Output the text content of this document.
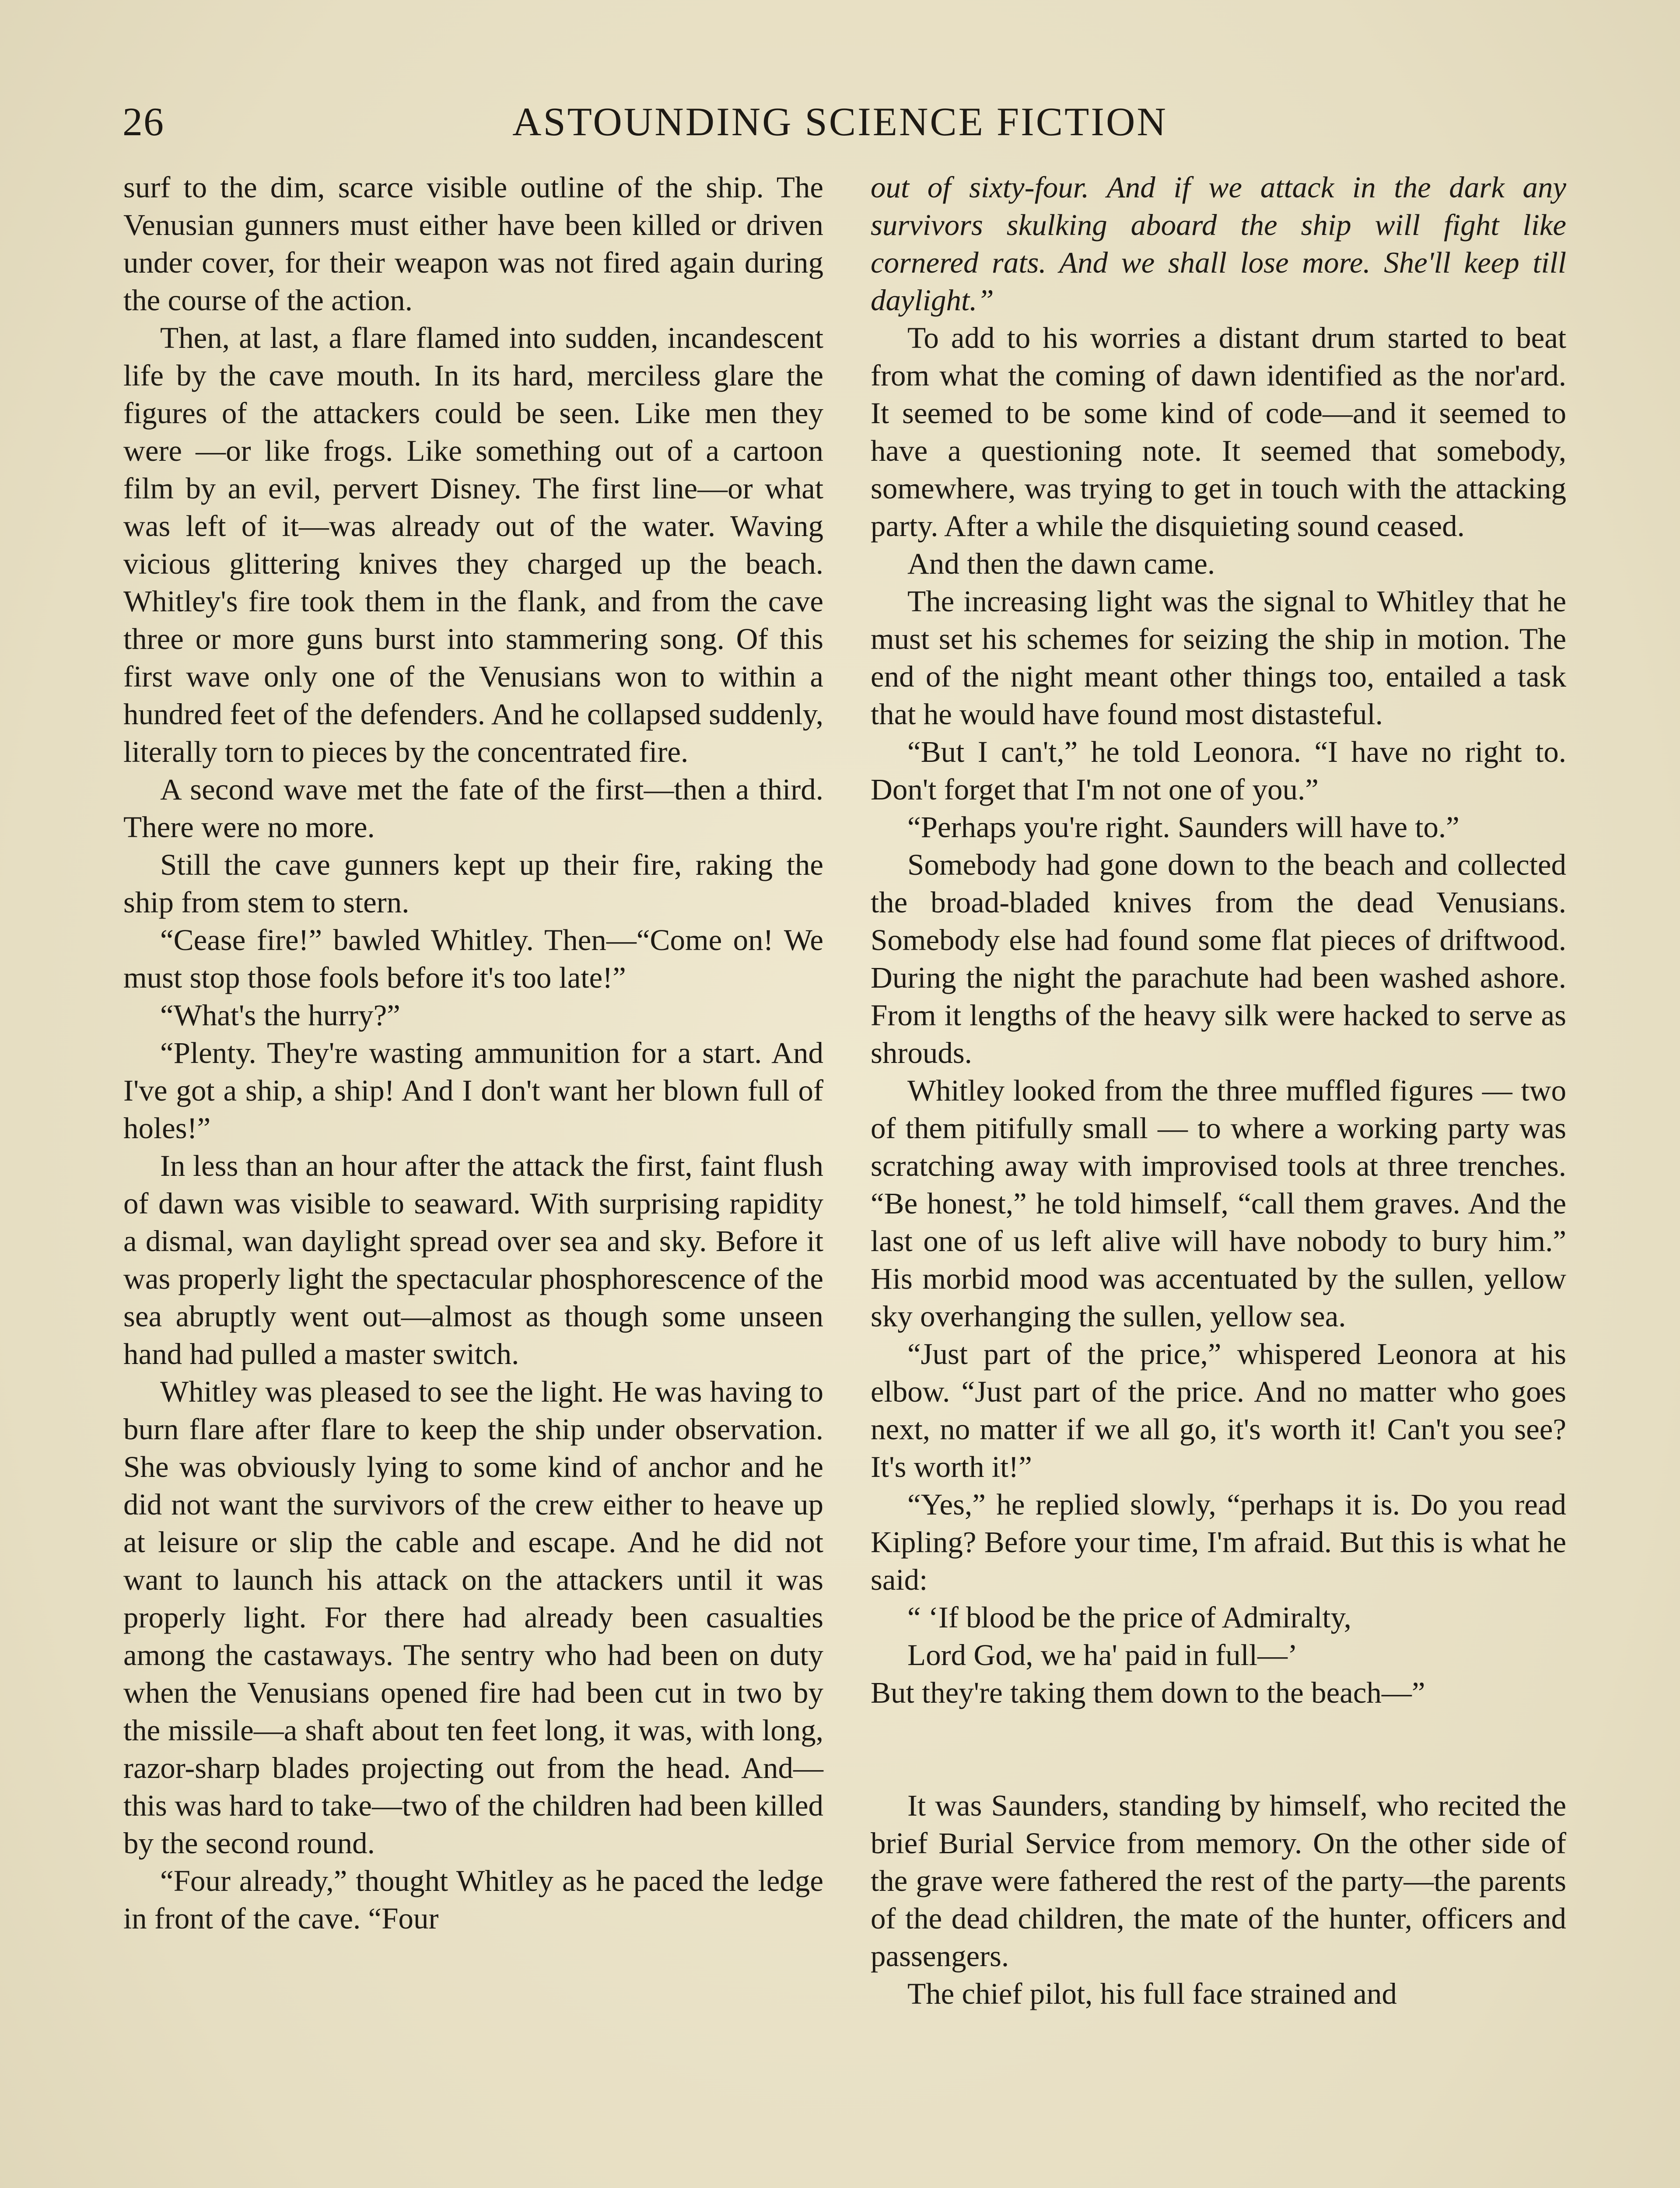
26	ASTOUNDING SCIENCE FICTION

surf to the dim, scarce visible outline of the ship. The Venusian gunners must either have been killed or driven under cover, for their weapon was not fired again during the course of the action.

Then, at last, a flare flamed into sudden, incandescent life by the cave mouth. In its hard, merciless glare the figures of the attackers could be seen. Like men they were —or like frogs. Like something out of a cartoon film by an evil, pervert Disney. The first line—or what was left of it—was already out of the water. Waving vicious glittering knives they charged up the beach. Whitley's fire took them in the flank, and from the cave three or more guns burst into stammering song. Of this first wave only one of the Venusians won to within a hundred feet of the defenders. And he collapsed suddenly, literally torn to pieces by the concentrated fire.

A second wave met the fate of the first—then a third. There were no more.

Still the cave gunners kept up their fire, raking the ship from stem to stern.

“Cease fire!” bawled Whitley. Then—“Come on! We must stop those fools before it's too late!”

“What's the hurry?”

“Plenty. They're wasting ammunition for a start. And I've got a ship, a ship! And I don't want her blown full of holes!”

In less than an hour after the attack the first, faint flush of dawn was visible to seaward. With surprising rapidity a dismal, wan daylight spread over sea and sky. Before it was properly light the spectacular phosphorescence of the sea abruptly went out—almost as though some unseen hand had pulled a master switch.

Whitley was pleased to see the light. He was having to burn flare after flare to keep the ship under observation. She was obviously lying to some kind of anchor and he did not want the survivors of the crew either to heave up at leisure or slip the cable and escape. And he did not want to launch his attack on the attackers until it was properly light. For there had already been casualties among the castaways. The sentry who had been on duty when the Venusians opened fire had been cut in two by the missile—a shaft about ten feet long, it was, with long, razor-sharp blades projecting out from the head. And—this was hard to take—two of the children had been killed by the second round.

“Four already,” thought Whitley as he paced the ledge in front of the cave. “Four

out of sixty-four. And if we attack in the dark any survivors skulking aboard the ship will fight like cornered rats. And we shall lose more. She'll keep till daylight.”

To add to his worries a distant drum started to beat from what the coming of dawn identified as the nor'ard. It seemed to be some kind of code—and it seemed to have a questioning note. It seemed that somebody, somewhere, was trying to get in touch with the attacking party. After a while the disquieting sound ceased.

And then the dawn came.

The increasing light was the signal to Whitley that he must set his schemes for seizing the ship in motion. The end of the night meant other things too, entailed a task that he would have found most distasteful.

“But I can't,” he told Leonora. “I have no right to. Don't forget that I'm not one of you.”

“Perhaps you're right. Saunders will have to.”

Somebody had gone down to the beach and collected the broad-bladed knives from the dead Venusians. Somebody else had found some flat pieces of driftwood. During the night the parachute had been washed ashore. From it lengths of the heavy silk were hacked to serve as shrouds.

Whitley looked from the three muffled figures — two of them pitifully small — to where a working party was scratching away with improvised tools at three trenches. “Be honest,” he told himself, “call them graves. And the last one of us left alive will have nobody to bury him.” His morbid mood was accentuated by the sullen, yellow sky overhanging the sullen, yellow sea.

“Just part of the price,” whispered Leonora at his elbow. “Just part of the price. And no matter who goes next, no matter if we all go, it's worth it! Can't you see? It's worth it!”

“Yes,” he replied slowly, “perhaps it is. Do you read Kipling? Before your time, I'm afraid. But this is what he said:

“ ‘If blood be the price of Admiralty,

Lord God, we ha' paid in full—’

But they're taking them down to the beach—”

It was Saunders, standing by himself, who recited the brief Burial Service from memory. On the other side of the grave were fathered the rest of the party—the parents of the dead children, the mate of the hunter, officers and passengers.

The chief pilot, his full face strained and
